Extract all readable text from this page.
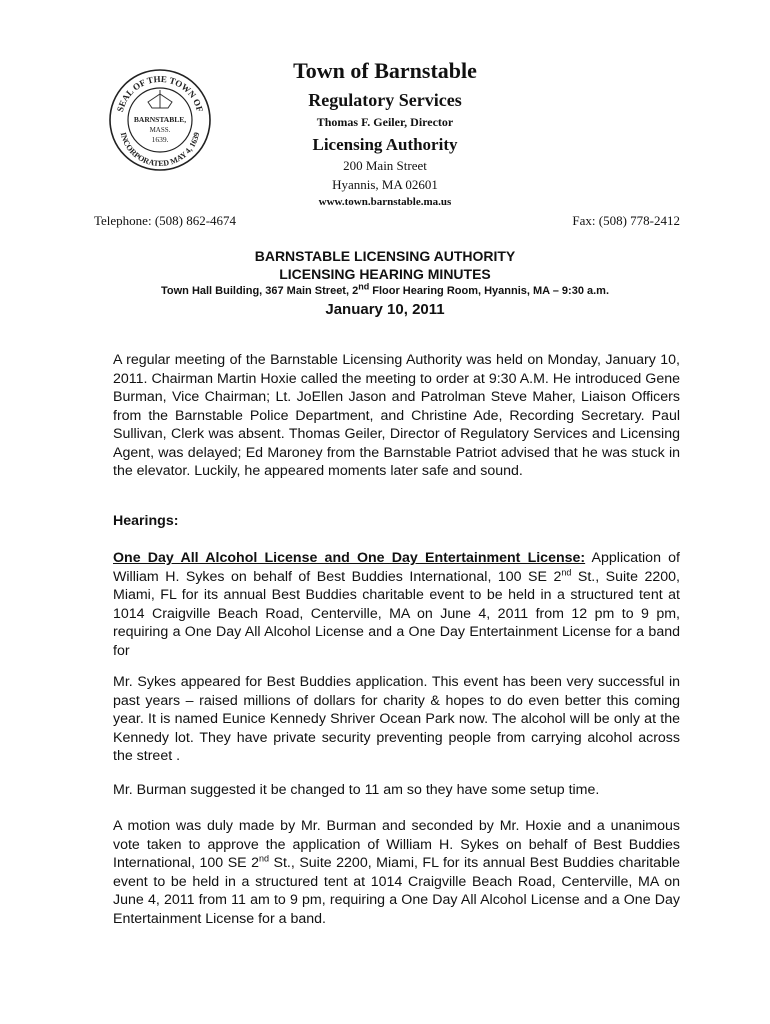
SEAL OF THE TOWN OF
INCORPORATED MAY 4, 1639
BARNSTABLE,
MASS.
1639.
Town of Barnstable
Regulatory Services
Thomas F. Geiler, Director
Licensing Authority
200 Main Street
Hyannis, MA 02601
www.town.barnstable.ma.us
Telephone: (508) 862-4674	Fax: (508) 778-2412
BARNSTABLE LICENSING AUTHORITY
LICENSING HEARING MINUTES
Town Hall Building, 367 Main Street, 2nd Floor Hearing Room, Hyannis, MA – 9:30 a.m.
January 10, 2011
A regular meeting of the Barnstable Licensing Authority was held on Monday, January 10, 2011. Chairman Martin Hoxie called the meeting to order at 9:30 A.M. He introduced Gene Burman, Vice Chairman; Lt. JoEllen Jason and Patrolman Steve Maher, Liaison Officers from the Barnstable Police Department, and Christine Ade, Recording Secretary. Paul Sullivan, Clerk was absent. Thomas Geiler, Director of Regulatory Services and Licensing Agent, was delayed; Ed Maroney from the Barnstable Patriot advised that he was stuck in the elevator. Luckily, he appeared moments later safe and sound.
Hearings:
One Day All Alcohol License and One Day Entertainment License: Application of William H. Sykes on behalf of Best Buddies International, 100 SE 2nd St., Suite 2200, Miami, FL for its annual Best Buddies charitable event to be held in a structured tent at 1014 Craigville Beach Road, Centerville, MA on June 4, 2011 from 12 pm to 9 pm, requiring a One Day All Alcohol License and a One Day Entertainment License for a band for
Mr. Sykes appeared for Best Buddies application. This event has been very successful in past years – raised millions of dollars for charity & hopes to do even better this coming year. It is named Eunice Kennedy Shriver Ocean Park now. The alcohol will be only at the Kennedy lot. They have private security preventing people from carrying alcohol across the street .
Mr. Burman suggested it be changed to 11 am so they have some setup time.
A motion was duly made by Mr. Burman and seconded by Mr. Hoxie and a unanimous vote taken to approve the application of William H. Sykes on behalf of Best Buddies International, 100 SE 2nd St., Suite 2200, Miami, FL for its annual Best Buddies charitable event to be held in a structured tent at 1014 Craigville Beach Road, Centerville, MA on June 4, 2011 from 11 am to 9 pm, requiring a One Day All Alcohol License and a One Day Entertainment License for a band.
